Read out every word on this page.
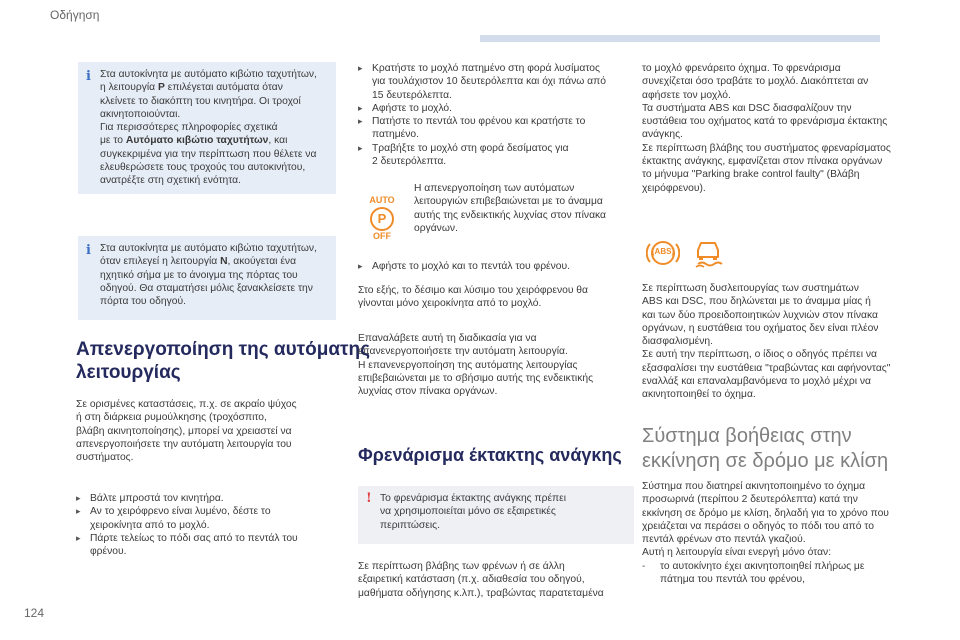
Οδήγηση
124
i Στα αυτοκίνητα με αυτόματο κιβώτιο ταχυτήτων,
η λειτουργία P επιλέγεται αυτόματα όταν
κλείνετε το διακόπτη του κινητήρα. Οι τροχοί
ακινητοποιούνται.
Για περισσότερες πληροφορίες σχετικά
με το Αυτόματο κιβώτιο ταχυτήτων, και
συγκεκριμένα για την περίπτωση που θέλετε να
ελευθερώσετε τους τροχούς του αυτοκινήτου,
ανατρέξτε στη σχετική ενότητα.
i Στα αυτοκίνητα με αυτόματο κιβώτιο ταχυτήτων,
όταν επιλεγεί η λειτουργία N, ακούγεται ένα
ηχητικό σήμα με το άνοιγμα της πόρτας του
οδηγού. Θα σταματήσει μόλις ξανακλείσετε την
πόρτα του οδηγού.
Απενεργοποίηση της αυτόματης
λειτουργίας
Σε ορισμένες καταστάσεις, π.χ. σε ακραίο ψύχος
ή στη διάρκεια ρυμούλκησης (τροχόσπιτο,
βλάβη ακινητοποίησης), μπορεί να χρειαστεί να
απενεργοποιήσετε την αυτόματη λειτουργία του
συστήματος.
▸ Βάλτε μπροστά τον κινητήρα.
▸ Αν το χειρόφρενο είναι λυμένο, δέστε το
χειροκίνητα από το μοχλό.
▸ Πάρτε τελείως το πόδι σας από το πεντάλ του
φρένου.
▸ Κρατήστε το μοχλό πατημένο στη φορά λυσίματος
για τουλάχιστον 10 δευτερόλεπτα και όχι πάνω από
15 δευτερόλεπτα.
▸ Αφήστε το μοχλό.
▸ Πατήστε το πεντάλ του φρένου και κρατήστε το
πατημένο.
▸ Τραβήξτε το μοχλό στη φορά δεσίματος για
2 δευτερόλεπτα.
AUTO
P
OFF
Η απενεργοποίηση των αυτόματων
λειτουργιών επιβεβαιώνεται με το άναμμα
αυτής της ενδεικτικής λυχνίας στον πίνακα
οργάνων.
▸ Αφήστε το μοχλό και το πεντάλ του φρένου.
Στο εξής, το δέσιμο και λύσιμο του χειρόφρενου θα
γίνονται μόνο χειροκίνητα από το μοχλό.
Επαναλάβετε αυτή τη διαδικασία για να
επανενεργοποιήσετε την αυτόματη λειτουργία.
Η επανενεργοποίηση της αυτόματης λειτουργίας
επιβεβαιώνεται με το σβήσιμο αυτής της ενδεικτικής
λυχνίας στον πίνακα οργάνων.
Φρενάρισμα έκτακτης ανάγκης
! Το φρενάρισμα έκτακτης ανάγκης πρέπει
να χρησιμοποιείται μόνο σε εξαιρετικές
περιπτώσεις.
Σε περίπτωση βλάβης των φρένων ή σε άλλη
εξαιρετική κατάσταση (π.χ. αδιαθεσία του οδηγού,
μαθήματα οδήγησης κ.λπ.), τραβώντας παρατεταμένα
το μοχλό φρενάρειτο όχημα. Το φρενάρισμα
συνεχίζεται όσο τραβάτε το μοχλό. Διακόπτεται αν
αφήσετε τον μοχλό.
Τα συστήματα ABS και DSC διασφαλίζουν την
ευστάθεια του οχήματος κατά το φρενάρισμα έκτακτης
ανάγκης.
Σε περίπτωση βλάβης του συστήματος φρεναρίσματος
έκτακτης ανάγκης, εμφανίζεται στον πίνακα οργάνων
το μήνυμα "Parking brake control faulty" (Βλάβη
χειρόφρενου).
(ABS)
Σε περίπτωση δυσλειτουργίας των συστημάτων
ABS και DSC, που δηλώνεται με το άναμμα μίας ή
και των δύο προειδοποιητικών λυχνιών στον πίνακα
οργάνων, η ευστάθεια του οχήματος δεν είναι πλέον
διασφαλισμένη.
Σε αυτή την περίπτωση, ο ίδιος ο οδηγός πρέπει να
εξασφαλίσει την ευστάθεια "τραβώντας και αφήνοντας"
εναλλάξ και επαναλαμβανόμενα το μοχλό μέχρι να
ακινητοποιηθεί το όχημα.
Σύστημα βοήθειας στην
εκκίνηση σε δρόμο με κλίση
Σύστημα που διατηρεί ακινητοποιημένο το όχημα
προσωρινά (περίπου 2 δευτερόλεπτα) κατά την
εκκίνηση σε δρόμο με κλίση, δηλαδή για το χρόνο που
χρειάζεται να περάσει ο οδηγός το πόδι του από το
πεντάλ φρένων στο πεντάλ γκαζιού.
Αυτή η λειτουργία είναι ενεργή μόνο όταν:
-	το αυτοκίνητο έχει ακινητοποιηθεί πλήρως με
πάτημα του πεντάλ του φρένου,
